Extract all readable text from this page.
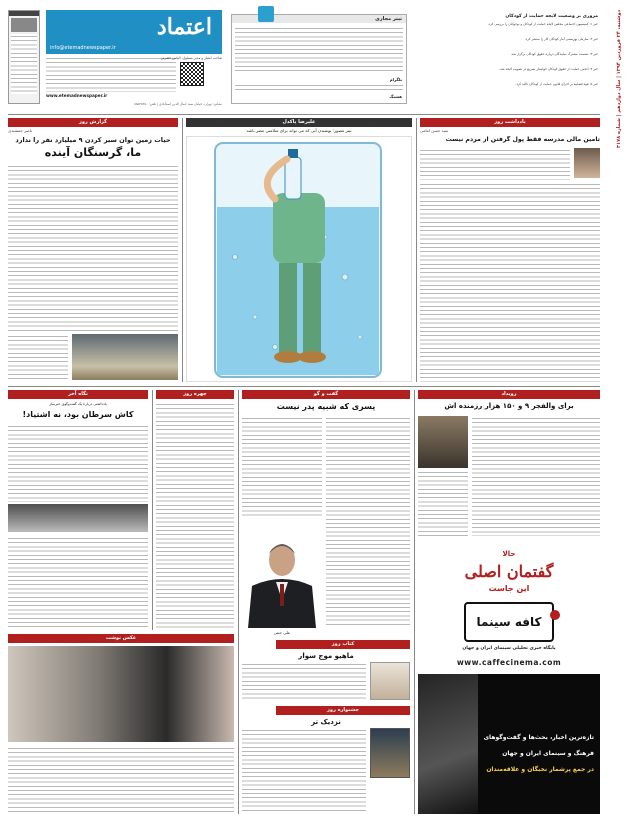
اعتماد
info@etemadnewspaper.ir
صاحب امتیاز و مدیر مسئول: الیاس حضرتی
www.etemadnewspaper.ir
نشانی: تهران، خیابان سید جمال الدین اسدآبادی | تلفن: ۸۸۵۴۵۲۵۰
تیتر مجازی
تلگرام
هشتگ
مروری بر وضعیت لایحه حمایت از کودکان
خبر ۱: کمیسیون اجتماعی مجلس لایحه حمایت از کودکان و نوجوانان را بررسی کرد.
خبر ۲: سازمان بهزیستی آمار کودکان کار را منتشر کرد.
خبر ۳: نشست مشترک نمایندگان درباره حقوق کودکان برگزار شد.
خبر ۴: انجمن حمایت از حقوق کودکان خواستار تسریع در تصویب لایحه شد.
خبر ۵: قوه قضاییه بر اجرای قانون حمایت از کودکان تاکید کرد.
دوشنبه، ۲۴ فروردین ۱۳۹۴ | سال دوازدهم | شماره ۳۱۷۸
گزارش روز
ناصر جمشیدی
حیات زمین توان سیر کردن ۹ میلیارد نفر را ندارد
ما، گرسنگان آینده
علیرضا پاکدل
تیتر مصور: نوشیدن آبی که می تواند برای سلامتی مضر باشد
یادداشت روز
سید حسن امامی
تامین مالی مدرسه فقط پول گرفتن از مردم نیست
نگاه آخر
یادداشتی دربارهٔ یک گفت‌وگوی خبرساز
کاش سرطان بود، نه اشتیاد!
عکس نوشت
چهره روز	گفت و گو
پسری که شبیه پدر نیست
علی جنتی
کتاب روز
ماهیو موج سوار
جشنواره روز
نزدیک تر
رویداد
برای والفجر ۹ و ۱۵۰ هزار رزمنده اش
حالا
گفتمان اصلی
این جاست
کافه سینما
پایگاه خبری تحلیلی سینمای ایران و جهان
www.caffecinema.com
تازه‌ترین اخبار، بحث‌ها و گفت‌وگوهای
فرهنگ و سینمای ایران و جهان
در جمع پرشمار نخبگان و علاقه‌مندان
